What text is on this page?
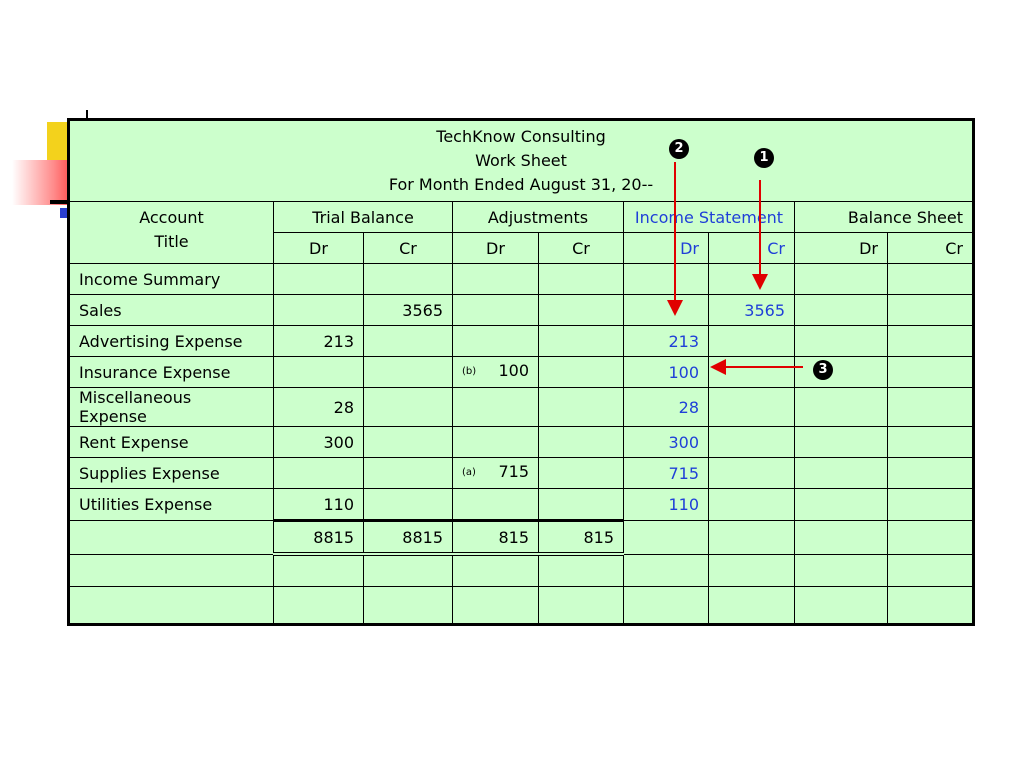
TechKnow Consulting
Work Sheet
For Month Ended August 31, 20--								

Account
Title	Trial Balance		Adjustments		Income Statement		Balance Sheet	
	Dr	Cr	Dr	Cr	Dr	Cr	Dr	Cr
Income Summary			

Sales		3565				3565		
Advertising Expense	213				213			
Insurance Expense			(b) 100		100			
Miscellaneous Expense	28				28			
Rent Expense	300				300			
Supplies Expense			(a) 715		715			
Utilities Expense	110				110			
	8815	8815	815	815				

2
1
3
